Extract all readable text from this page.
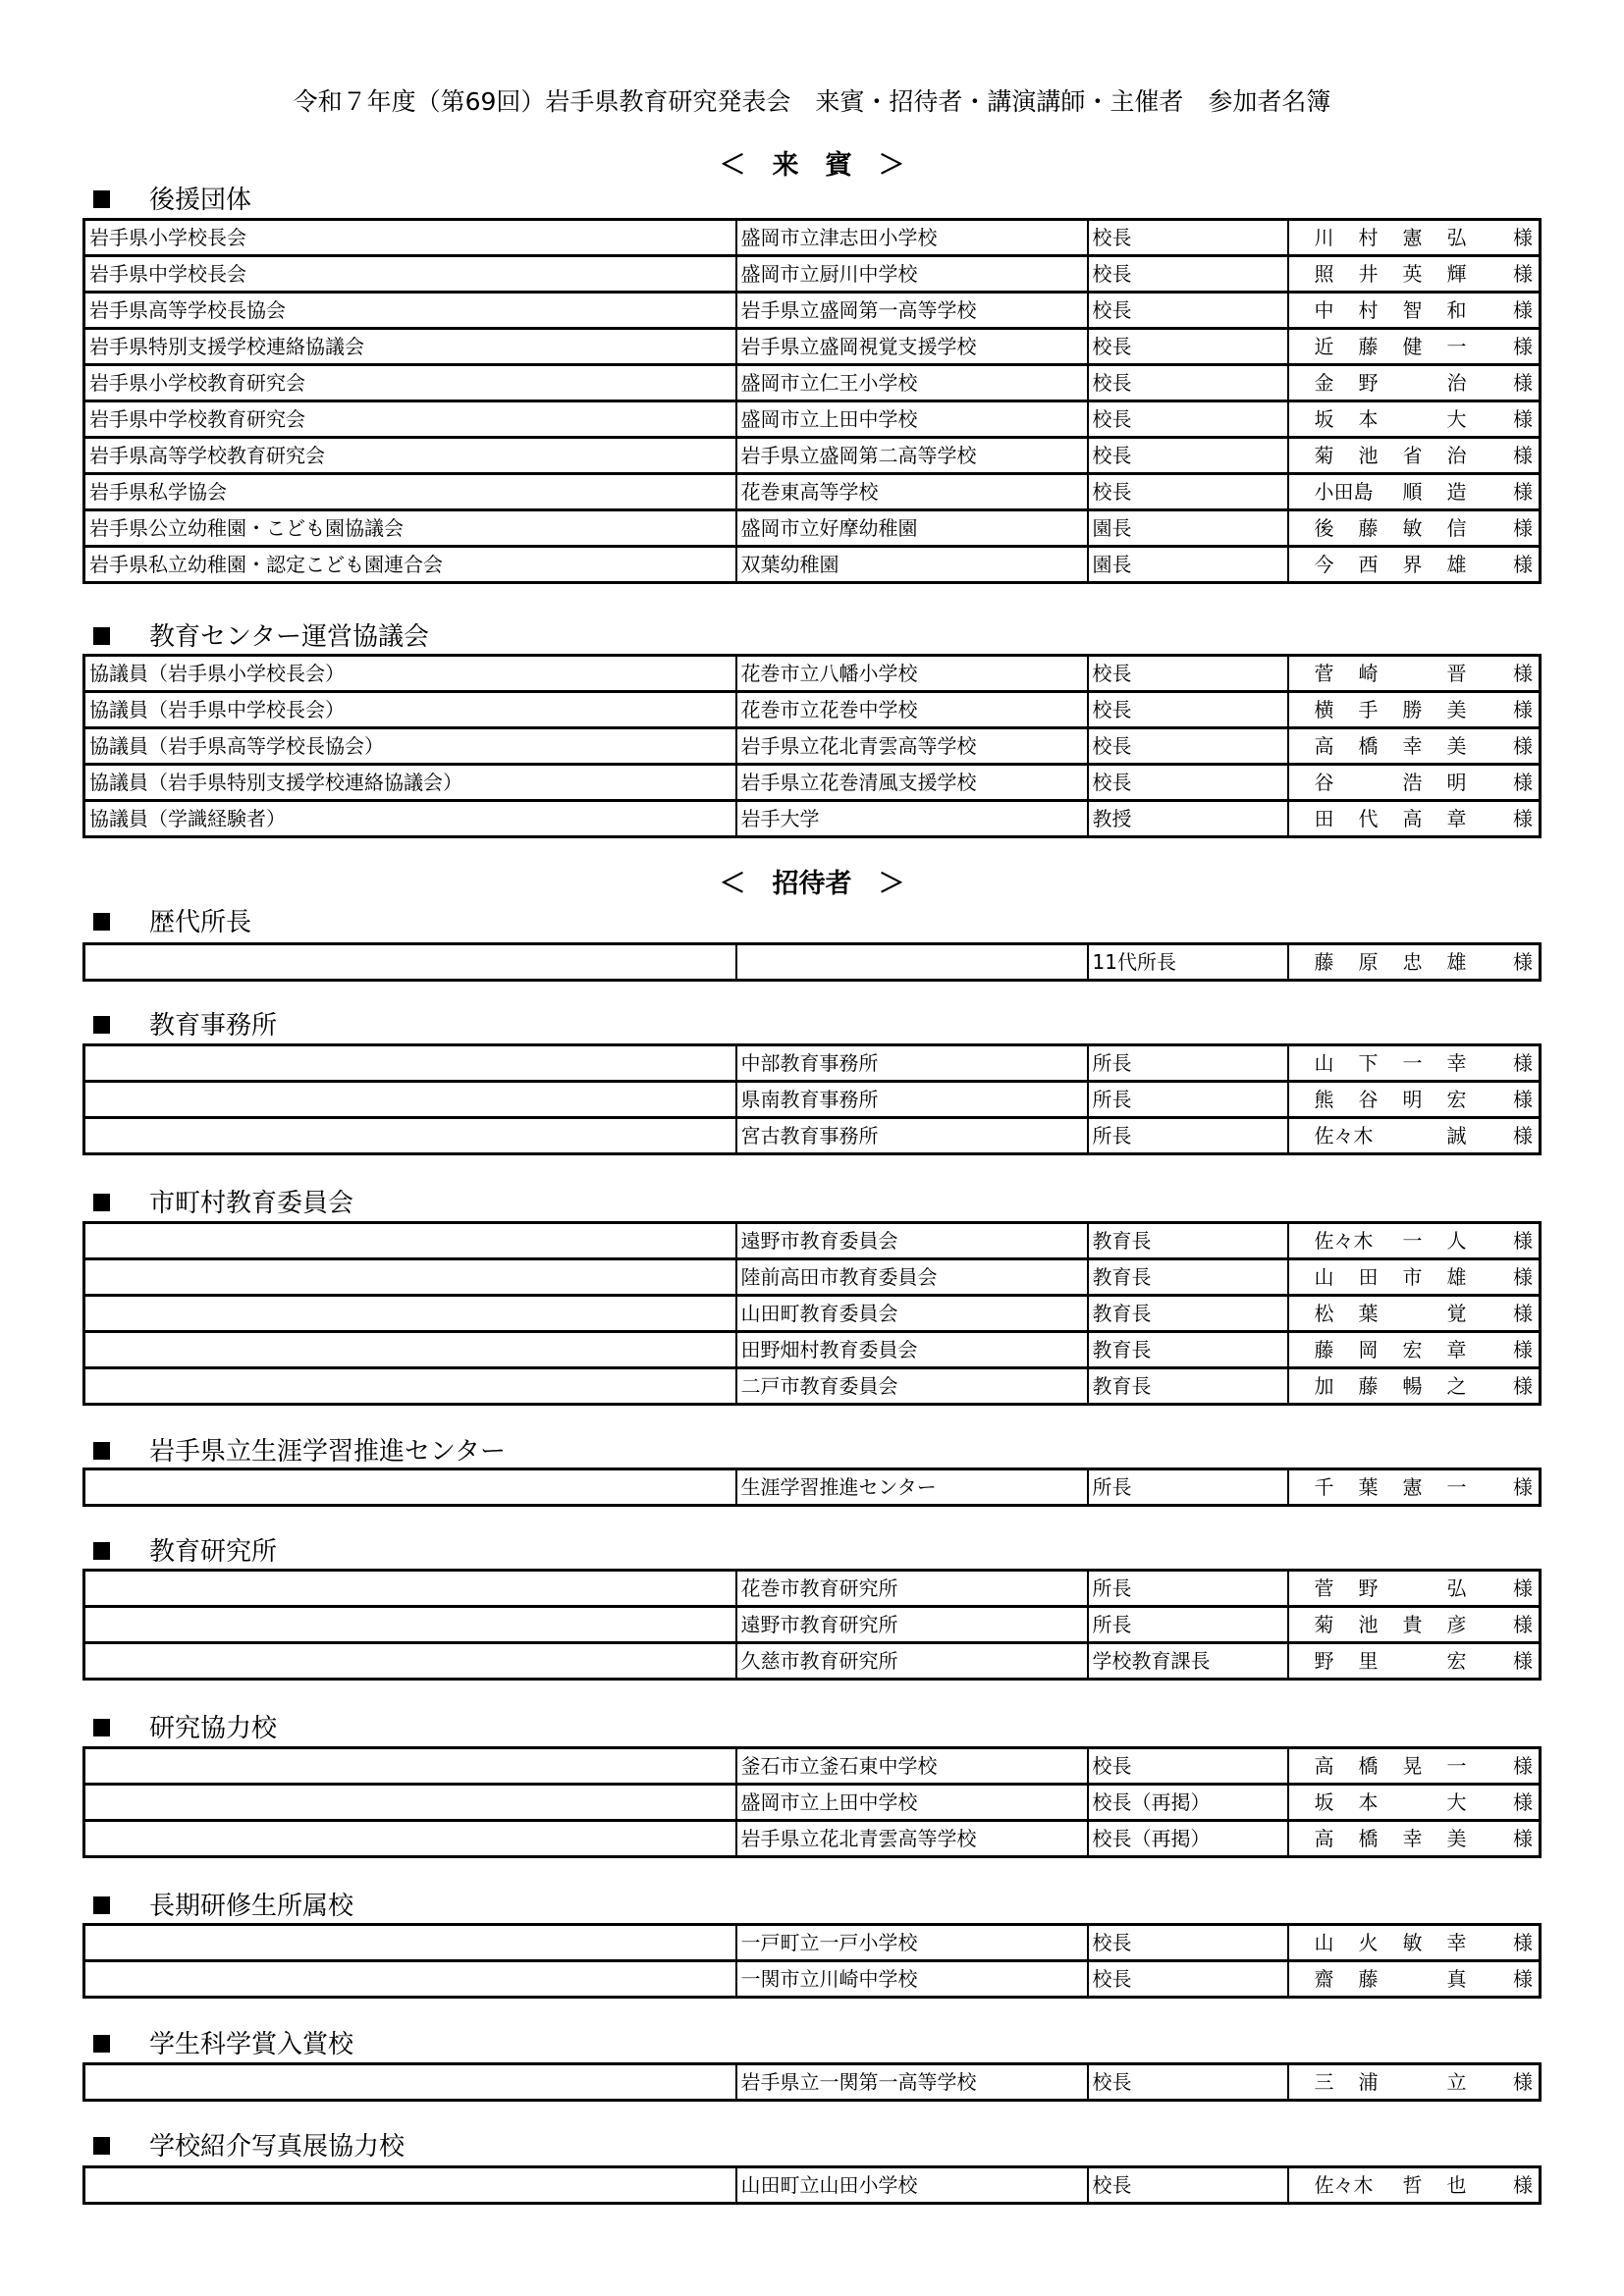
令和７年度（第69回）岩手県教育研究発表会　来賓・招待者・講演講師・主催者　参加者名簿
＜　来　賓　＞
＜　招待者　＞
後援団体
岩手県小学校長会	盛岡市立津志田小学校	校長	川 村 憲 弘 様

岩手県中学校長会	盛岡市立厨川中学校	校長	照 井 英 輝 様

岩手県高等学校長協会	岩手県立盛岡第一高等学校	校長	中 村 智 和 様

岩手県特別支援学校連絡協議会	岩手県立盛岡視覚支援学校	校長	近 藤 健 一 様

岩手県小学校教育研究会	盛岡市立仁王小学校	校長	金 野 治 様

岩手県中学校教育研究会	盛岡市立上田中学校	校長	坂 本 大 様

岩手県高等学校教育研究会	岩手県立盛岡第二高等学校	校長	菊 池 省 治 様

岩手県私学協会	花巻東高等学校	校長	小田島 順 造 様

岩手県公立幼稚園・こども園協議会	盛岡市立好摩幼稚園	園長	後 藤 敏 信 様

岩手県私立幼稚園・認定こども園連合会	双葉幼稚園	園長	今 西 界 雄 様
教育センター運営協議会
協議員（岩手県小学校長会）	花巻市立八幡小学校	校長	菅 崎 晋 様

協議員（岩手県中学校長会）	花巻市立花巻中学校	校長	横 手 勝 美 様

協議員（岩手県高等学校長協会）	岩手県立花北青雲高等学校	校長	高 橋 幸 美 様

協議員（岩手県特別支援学校連絡協議会）	岩手県立花巻清風支援学校	校長	谷 浩 明 様

協議員（学識経験者）	岩手大学	教授	田 代 高 章 様
歴代所長
		11代所長	藤	原	忠	雄	様
教育事務所
	中部教育事務所	所長	山 下 一 幸 様

	県南教育事務所	所長	熊 谷 明 宏 様

	宮古教育事務所	所長	佐々木 誠 様
市町村教育委員会
	遠野市教育委員会	教育長	佐々木 一 人 様

	陸前高田市教育委員会	教育長	山 田 市 雄 様

	山田町教育委員会	教育長	松 葉 覚 様

	田野畑村教育委員会	教育長	藤 岡 宏 章 様

	二戸市教育委員会	教育長	加 藤 暢 之 様
岩手県立生涯学習推進センター
	生涯学習推進センター	所長	千	葉	憲	一	様
教育研究所
	花巻市教育研究所	所長	菅 野 弘 様

	遠野市教育研究所	所長	菊 池 貴 彦 様

	久慈市教育研究所	学校教育課長	野 里 宏 様
研究協力校
	釜石市立釜石東中学校	校長	高 橋 晃 一 様

	盛岡市立上田中学校	校長（再掲）	坂 本 大 様

	岩手県立花北青雲高等学校	校長（再掲）	高 橋 幸 美 様
長期研修生所属校
	一戸町立一戸小学校	校長	山 火 敏 幸 様

	一関市立川崎中学校	校長	齋 藤 真 様
学生科学賞入賞校
	岩手県立一関第一高等学校	校長	三	浦	立	様
学校紹介写真展協力校
	山田町立山田小学校	校長	佐々木 哲	也	様
